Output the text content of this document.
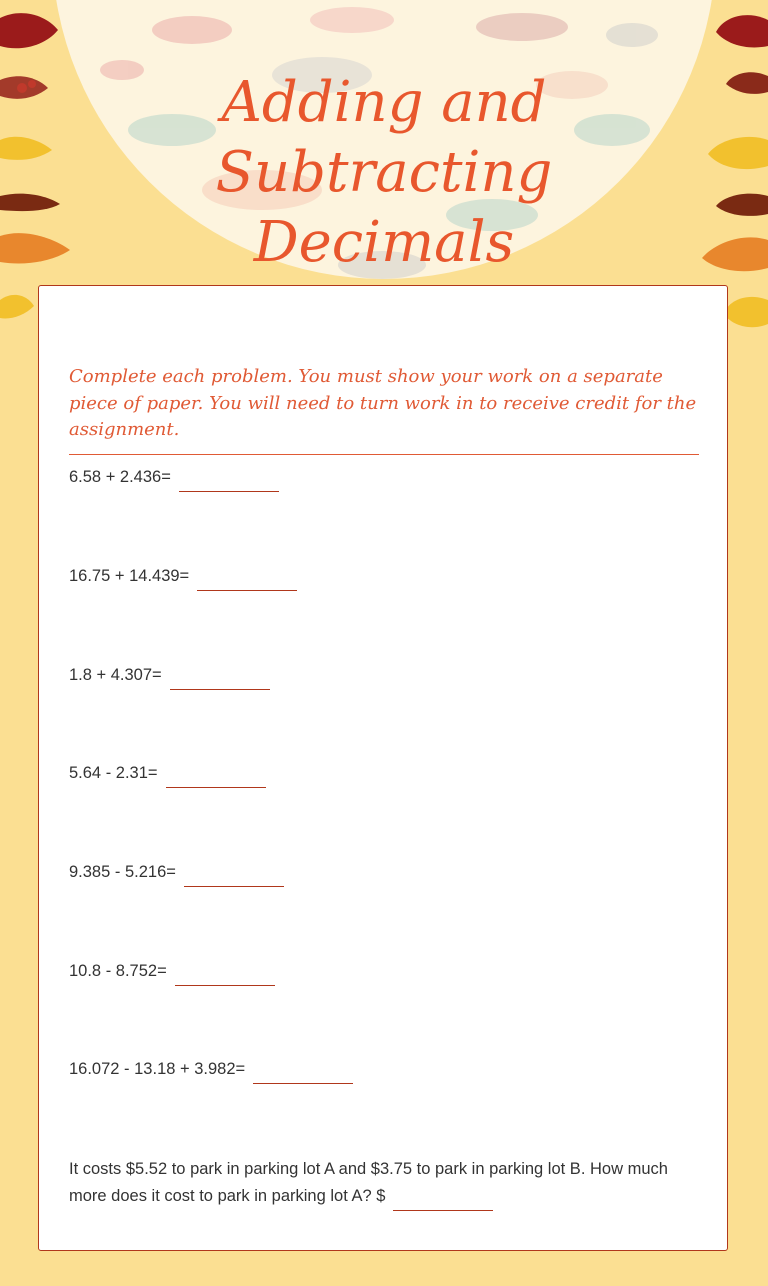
Adding and
Subtracting
Decimals
Complete each problem. You must show your work on a separate piece of paper. You will need to turn work in to receive credit for the assignment.
6.58 + 2.436=
16.75 + 14.439=
1.8 + 4.307=
5.64 - 2.31=
9.385 - 5.216=
10.8 - 8.752=
16.072 - 13.18 + 3.982=
It costs $5.52 to park in parking lot A and $3.75 to park in parking lot B. How much more does it cost to park in parking lot A? $
